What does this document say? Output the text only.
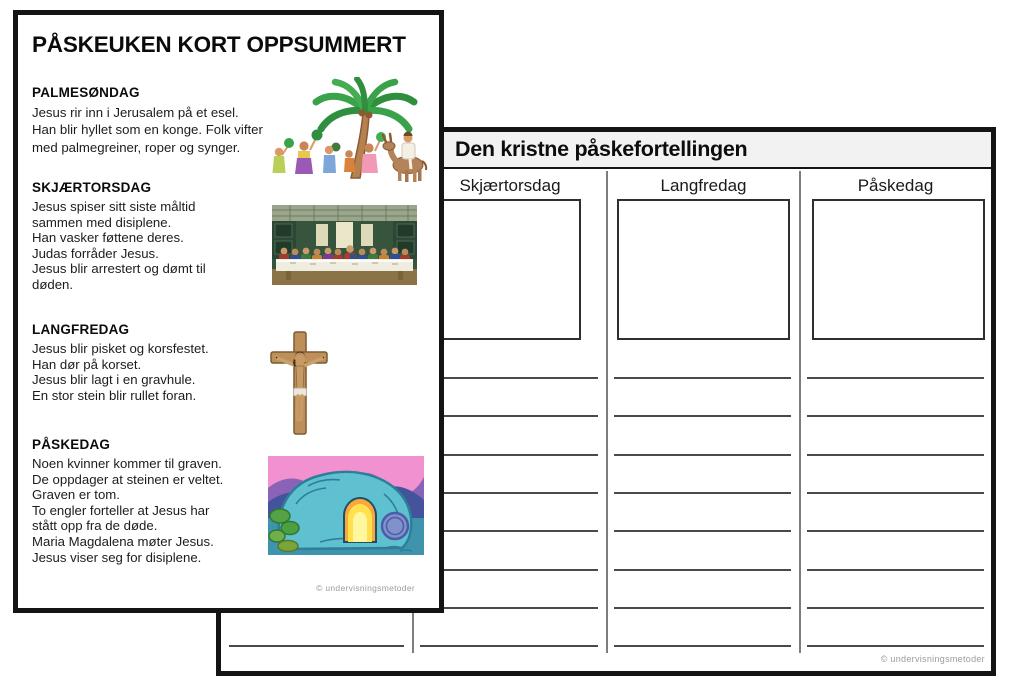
Den kristne påskefortellingen
Skjærtorsdag	Langfredag	Påskedag
© undervisningsmetoder
PÅSKEUKEN KORT OPPSUMMERT
PALMESØNDAG
Jesus rir inn i Jerusalem på et esel.
Han blir hyllet som en konge. Folk vifter
med palmegreiner, roper og synger.
SKJÆRTORSDAG
Jesus spiser sitt siste måltid
sammen med disiplene.
Han vasker føttene deres.
Judas forråder Jesus.
Jesus blir arrestert og dømt til
døden.
LANGFREDAG
Jesus blir pisket og korsfestet.
Han dør på korset.
Jesus blir lagt i en gravhule.
En stor stein blir rullet foran.
PÅSKEDAG
Noen kvinner kommer til graven.
De oppdager at steinen er veltet.
Graven er tom.
To engler forteller at Jesus har
stått opp fra de døde.
Maria Magdalena møter Jesus.
Jesus viser seg for disiplene.
© undervisningsmetoder
